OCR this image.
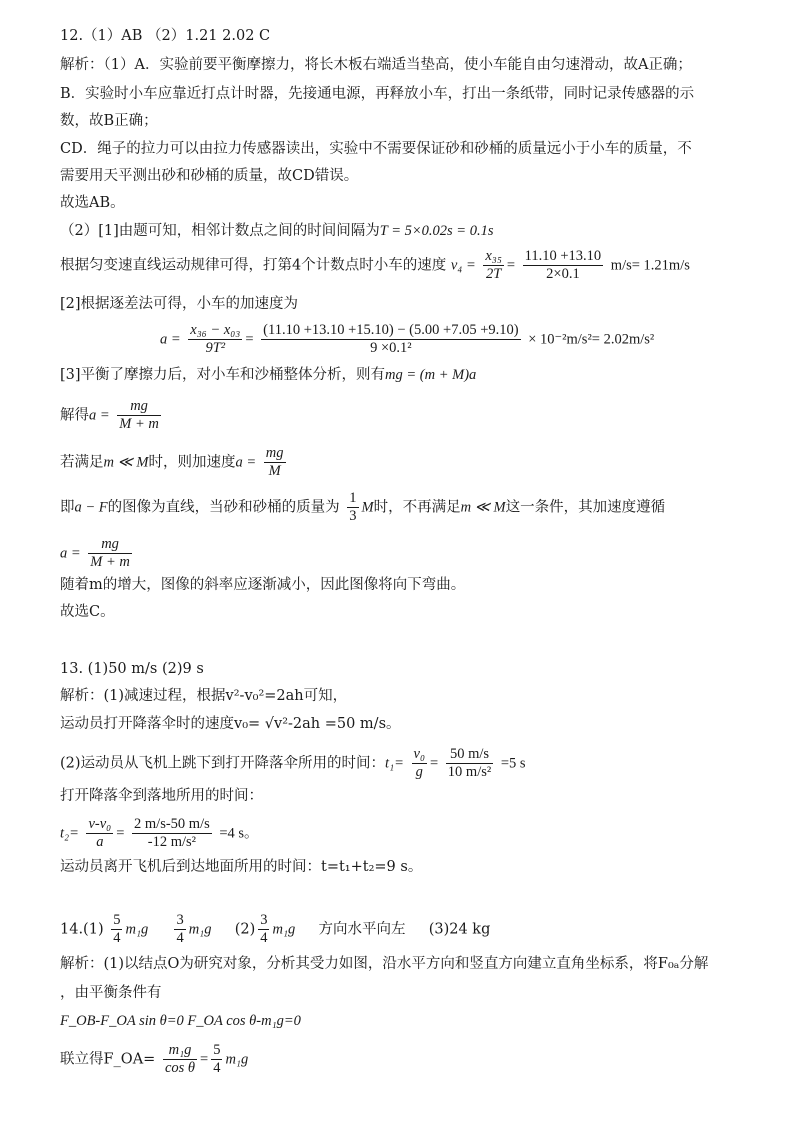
12.（1）AB （2）1.21 2.02 C
解析：（1）A．实验前要平衡摩擦力，将长木板右端适当垫高，使小车能自由匀速滑动，故A正确；
B．实验时小车应靠近打点计时器，先接通电源，再释放小车，打出一条纸带，同时记录传感器的示
数，故B正确；
CD．绳子的拉力可以由拉力传感器读出，实验中不需要保证砂和砂桶的质量远小于小车的质量，不
需要用天平测出砂和砂桶的质量，故CD错误。
故选AB。
（2）[1]由题可知，相邻计数点之间的时间间隔为T = 5×0.02s = 0.1s
根据匀变速直线运动规律可得，打第4个计数点时小车的速度 $v_4 = \frac{\text{x₃₅}}{2T} = \frac{11.10 +13.10}{2\times 0.1} m/s= 1.21m/s$
[2]根据逐差法可得，小车的加速度为
$a = \frac{\text{x₃₆ − x₀₃}}{\text{9T²}} = \frac{(11.10 +13.10 +15.10) - (5.00 +7.05 +9.10)}{\text{9 ×0.1²}} \times 10^{-2}m/s^2= 2.02m/s^2$
[3]平衡了摩擦力后，对小车和沙桶整体分析，则有mg = (m + M)a
解得$a = \frac{mg}{M + m}$
若满足m ≪ M时，则加速度$a = \frac{mg}{M}$
即a − F的图像为直线，当砂和砂桶的质量为 $\frac{1}{3}$ M时，不再满足m ≪ M这一条件，其加速度遵循
$a = \frac{mg}{M + m}$
随着m的增大，图像的斜率应逐渐减小，因此图像将向下弯曲。
故选C。
13. (1)50 m/s (2)9 s
解析：(1)减速过程，根据v²-v₀²=2ah可知，
运动员打开降落伞时的速度v₀= √v²-2ah =50 m/s。
(2)运动员从飞机上跳下到打开降落伞所用的时间：$t_1= \frac{\text{v₀}}{g} = \frac{50 m/s}{\text{10 m/s²}} =5$ s
打开降落伞到落地所用的时间：
$t_2= \frac{\text{v-v₀}}{a} = \frac{2 m/s-50 m/s}{\text{-12 m/s²}} =4$ s。
运动员离开飞机后到达地面所用的时间：t=t₁+t₂=9 s。
$14.(1) \frac{5}{4} m_1g \frac{3}{4} m_1g$ $(2) \frac{3}{4} m_1g$ 方向水平向左 (3)24 kg
解析：(1)以结点O为研究对象，分析其受力如图，沿水平方向和竖直方向建立直角坐标系，将F₀ₐ分解
，由平衡条件有
F_OB-F_OA sin θ=0 F_OA cos θ-m₁g=0
联立得F_OA= $\frac{\text{m₁g}}{\text{cos θ}} = \frac{5}{4} m_1g$
